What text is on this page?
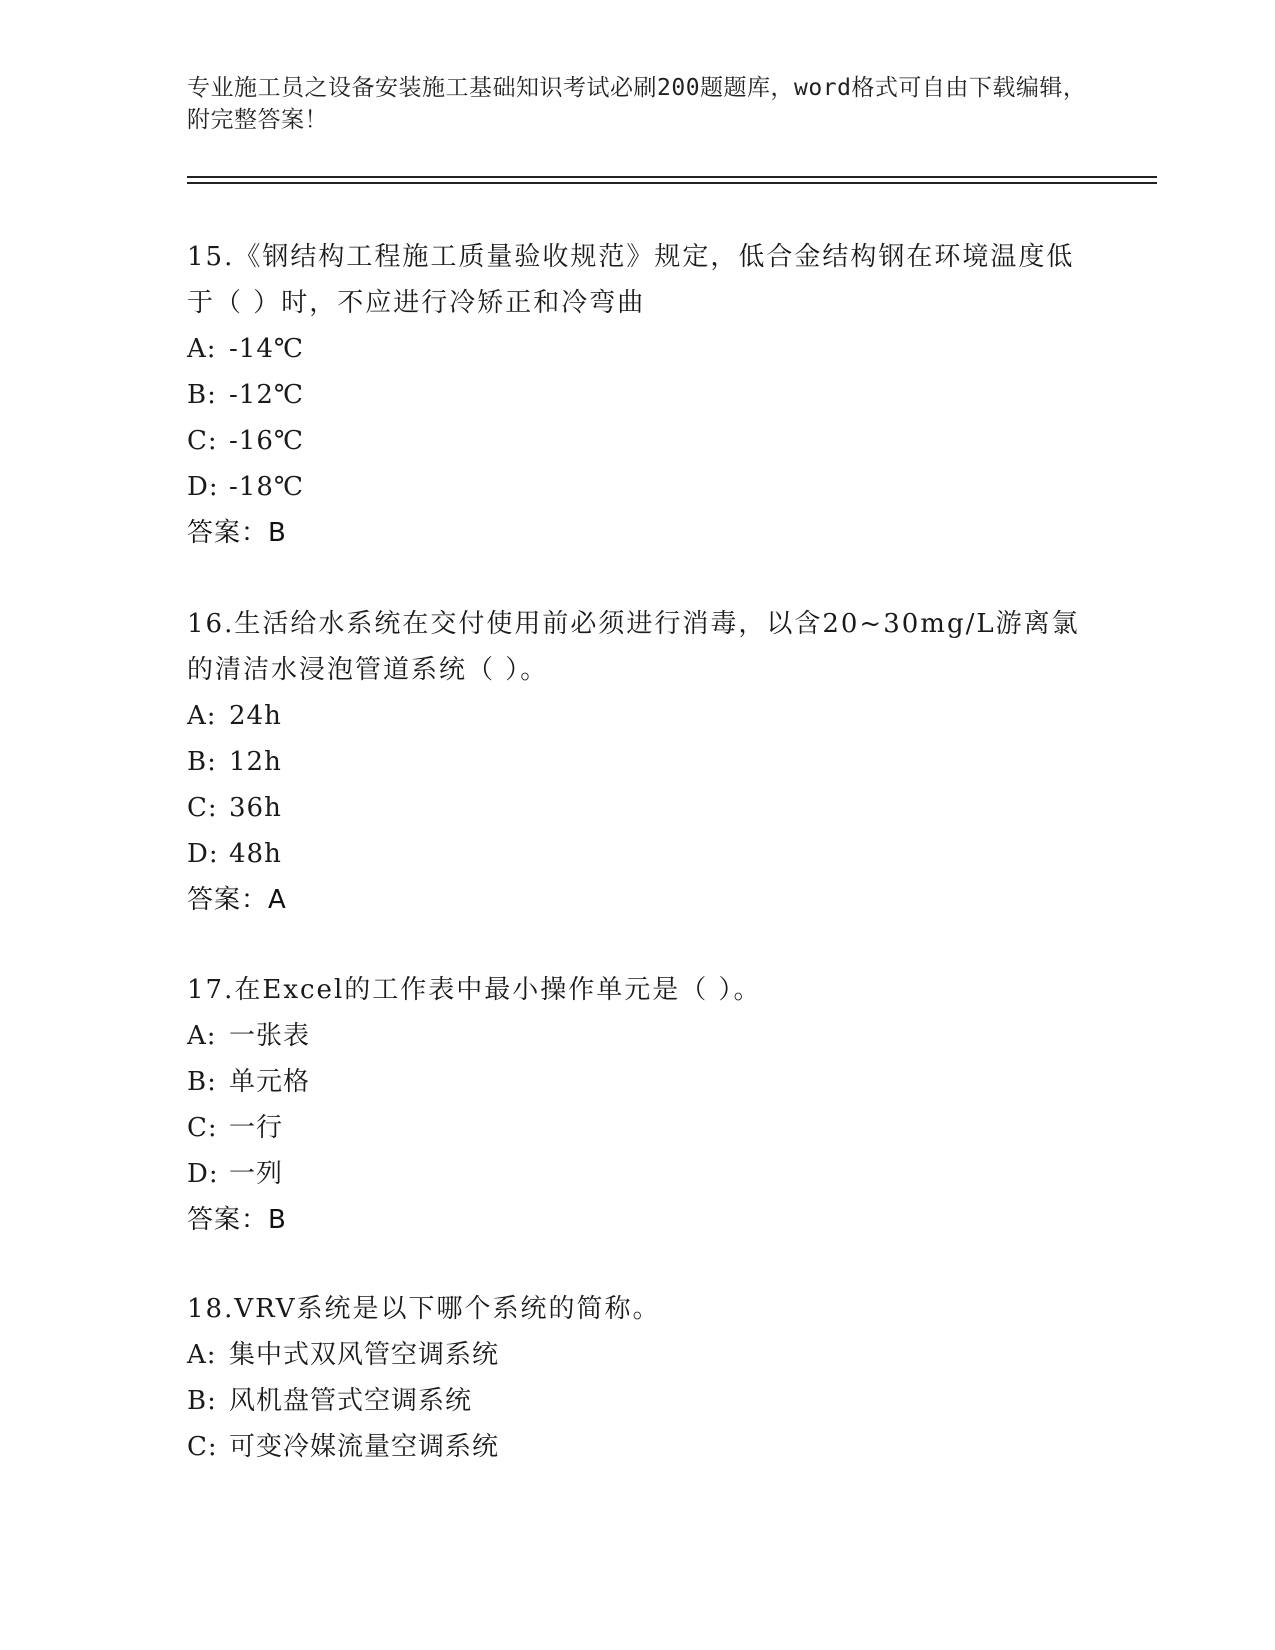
专业施工员之设备安装施工基础知识考试必刷200题题库，word格式可自由下载编辑，附完整答案！

15.《钢结构工程施工质量验收规范》规定，低合金结构钢在环境温度低于（ ）时，不应进行冷矫正和冷弯曲

A: -14℃
B: -12℃
C: -16℃
D: -18℃
答案：B

16.生活给水系统在交付使用前必须进行消毒，以含20~30mg/L游离氯的清洁水浸泡管道系统（ ）。

A: 24h
B: 12h
C: 36h
D: 48h
答案：A

17.在Excel的工作表中最小操作单元是（ ）。

A: 一张表
B: 单元格
C: 一行
D: 一列
答案：B

18.VRV系统是以下哪个系统的简称。

A: 集中式双风管空调系统
B: 风机盘管式空调系统
C: 可变冷媒流量空调系统
